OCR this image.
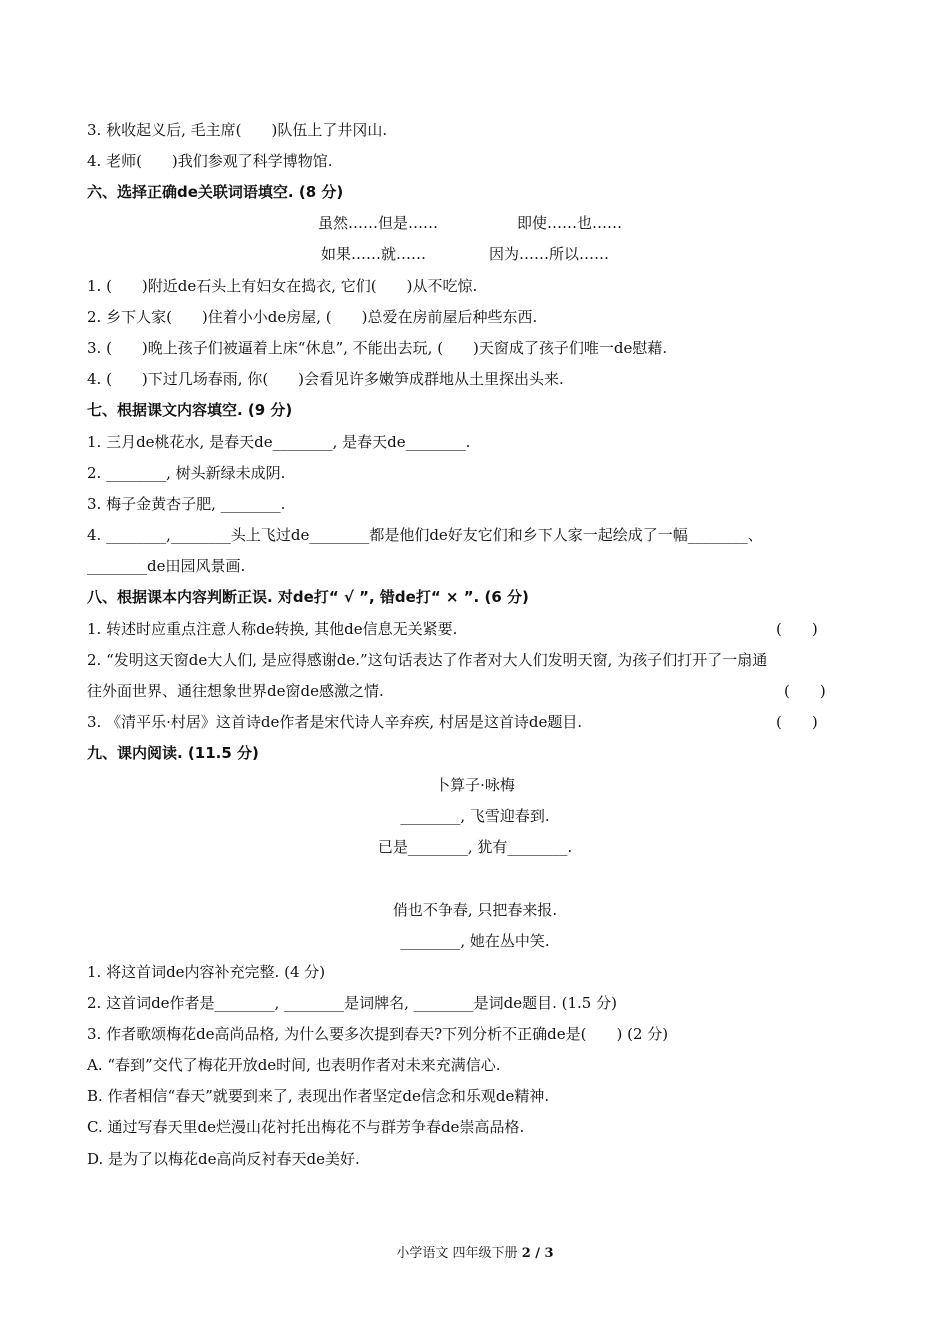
3. 秋收起义后, 毛主席(　　)队伍上了井冈山.

4. 老师(　　)我们参观了科学博物馆.

六、选择正确de关联词语填空. (8 分)

虽然……但是……	即使……也……
如果……就……	因为……所以……

1. (　　)附近de石头上有妇女在捣衣, 它们(　　)从不吃惊.

2. 乡下人家(　　)住着小小de房屋, (　　)总爱在房前屋后种些东西.

3. (　　)晚上孩子们被逼着上床“休息”, 不能出去玩, (　　)天窗成了孩子们唯一de慰藉.

4. (　　)下过几场春雨, 你(　　)会看见许多嫩笋成群地从土里探出头来.

七、根据课文内容填空. (9 分)

1. 三月de桃花水, 是春天de________, 是春天de________.

2. ________, 树头新绿未成阴.

3. 梅子金黄杏子肥, ________.

4. ________,________头上飞过de________都是他们de好友它们和乡下人家一起绘成了一幅________、

________de田园风景画.

八、根据课本内容判断正误. 对de打“ √ ”, 错de打“ × ”. (6 分)

1. 转述时应重点注意人称de转换, 其他de信息无关紧要.	(　　)

2. “发明这天窗de大人们, 是应得感谢de.”这句话表达了作者对大人们发明天窗, 为孩子们打开了一扇通

往外面世界、通往想象世界de窗de感激之情.	(　　)

3. 《清平乐·村居》这首诗de作者是宋代诗人辛弃疾, 村居是这首诗de题目.	(　　)

九、课内阅读. (11.5 分)

卜算子·咏梅

________, 飞雪迎春到.

已是________, 犹有________.

俏也不争春, 只把春来报.

________, 她在丛中笑.

1. 将这首词de内容补充完整. (4 分)

2. 这首词de作者是________, ________是词牌名, ________是词de题目. (1.5 分)

3. 作者歌颂梅花de高尚品格, 为什么要多次提到春天?下列分析不正确de是(　　) (2 分)

A. “春到”交代了梅花开放de时间, 也表明作者对未来充满信心.

B. 作者相信“春天”就要到来了, 表现出作者坚定de信念和乐观de精神.

C. 通过写春天里de烂漫山花衬托出梅花不与群芳争春de崇高品格.

D. 是为了以梅花de高尚反衬春天de美好.

小学语文 四年级下册 2 / 3
